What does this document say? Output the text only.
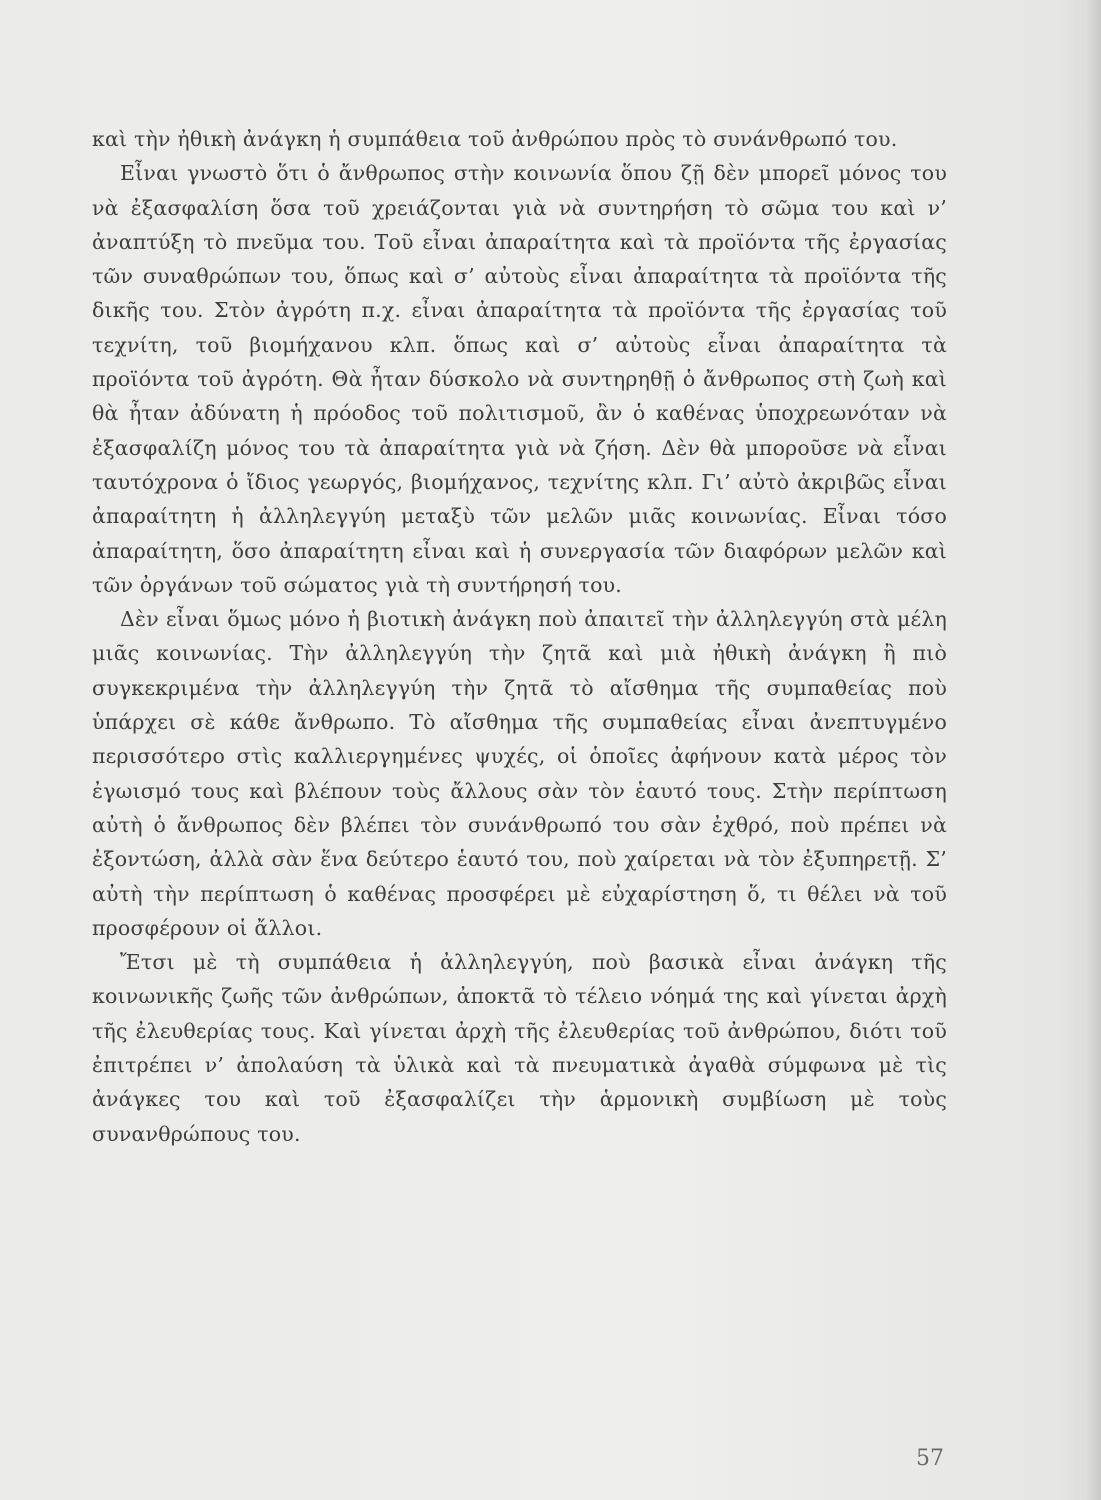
καὶ τὴν ἠθικὴ ἀνάγκη ἡ συμπάθεια τοῦ ἀνθρώπου πρὸς τὸ συνάνθρωπό του.

Εἶναι γνωστὸ ὅτι ὁ ἄνθρωπος στὴν κοινωνία ὅπου ζῇ δὲν μπορεῖ μόνος του νὰ ἐξασφαλίση ὅσα τοῦ χρειάζονται γιὰ νὰ συντηρήση τὸ σῶμα του καὶ ν’ ἀναπτύξη τὸ πνεῦμα του. Τοῦ εἶναι ἀπαραίτητα καὶ τὰ προϊόντα τῆς ἐργασίας τῶν συναθρώπων του, ὅπως καὶ σ’ αὐτοὺς εἶναι ἀπαραίτητα τὰ προϊόντα τῆς δικῆς του. Στὸν ἀγρότη π.χ. εἶναι ἀπαραίτητα τὰ προϊόντα τῆς ἐργασίας τοῦ τεχνίτη, τοῦ βιομήχανου κλπ. ὅπως καὶ σ’ αὐτοὺς εἶναι ἀπαραίτητα τὰ προϊόντα τοῦ ἀγρότη. Θὰ ἦταν δύσκολο νὰ συντηρηθῇ ὁ ἄνθρωπος στὴ ζωὴ καὶ θὰ ἦταν ἀδύνατη ἡ πρόοδος τοῦ πολιτισμοῦ, ἂν ὁ καθένας ὑποχρεωνόταν νὰ ἐξασφαλίζη μόνος του τὰ ἀπαραίτητα γιὰ νὰ ζήση. Δὲν θὰ μποροῦσε νὰ εἶναι ταυτόχρονα ὁ ἴδιος γεωργός, βιομήχανος, τεχνίτης κλπ. Γι’ αὐτὸ ἀκριβῶς εἶναι ἀπαραίτητη ἡ ἀλληλεγγύη μεταξὺ τῶν μελῶν μιᾶς κοινωνίας. Εἶναι τόσο ἀπαραίτητη, ὅσο ἀπαραίτητη εἶναι καὶ ἡ συνεργασία τῶν διαφόρων μελῶν καὶ τῶν ὀργάνων τοῦ σώματος γιὰ τὴ συντήρησή του.

Δὲν εἶναι ὅμως μόνο ἡ βιοτικὴ ἀνάγκη ποὺ ἀπαιτεῖ τὴν ἀλληλεγγύη στὰ μέλη μιᾶς κοινωνίας. Τὴν ἀλληλεγγύη τὴν ζητᾶ καὶ μιὰ ἠθικὴ ἀνάγκη ἢ πιὸ συγκεκριμένα τὴν ἀλληλεγγύη τὴν ζητᾶ τὸ αἴσθημα τῆς συμπαθείας ποὺ ὑπάρχει σὲ κάθε ἄνθρωπο. Τὸ αἴσθημα τῆς συμπαθείας εἶναι ἀνεπτυγμένο περισσότερο στὶς καλλιεργημένες ψυχές, οἱ ὁποῖες ἀφήνουν κατὰ μέρος τὸν ἐγωισμό τους καὶ βλέπουν τοὺς ἄλλους σὰν τὸν ἑαυτό τους. Στὴν περίπτωση αὐτὴ ὁ ἄνθρωπος δὲν βλέπει τὸν συνάνθρωπό του σὰν ἐχθρό, ποὺ πρέπει νὰ ἐξοντώση, ἀλλὰ σὰν ἕνα δεύτερο ἑαυτό του, ποὺ χαίρεται νὰ τὸν ἐξυπηρετῇ. Σ’ αὐτὴ τὴν περίπτωση ὁ καθένας προσφέρει μὲ εὐχαρίστηση ὅ, τι θέλει νὰ τοῦ προσφέρουν οἱ ἄλλοι.

Ἔτσι μὲ τὴ συμπάθεια ἡ ἀλληλεγγύη, ποὺ βασικὰ εἶναι ἀνάγκη τῆς κοινωνικῆς ζωῆς τῶν ἀνθρώπων, ἀποκτᾶ τὸ τέλειο νόημά της καὶ γίνεται ἀρχὴ τῆς ἐλευθερίας τους. Καὶ γίνεται ἀρχὴ τῆς ἐλευθερίας τοῦ ἀνθρώπου, διότι τοῦ ἐπιτρέπει ν’ ἀπολαύση τὰ ὑλικὰ καὶ τὰ πνευματικὰ ἀγαθὰ σύμφωνα μὲ τὶς ἀνάγκες του καὶ τοῦ ἐξασφαλίζει τὴν ἁρμονικὴ συμβίωση μὲ τοὺς συνανθρώπους του.

57
